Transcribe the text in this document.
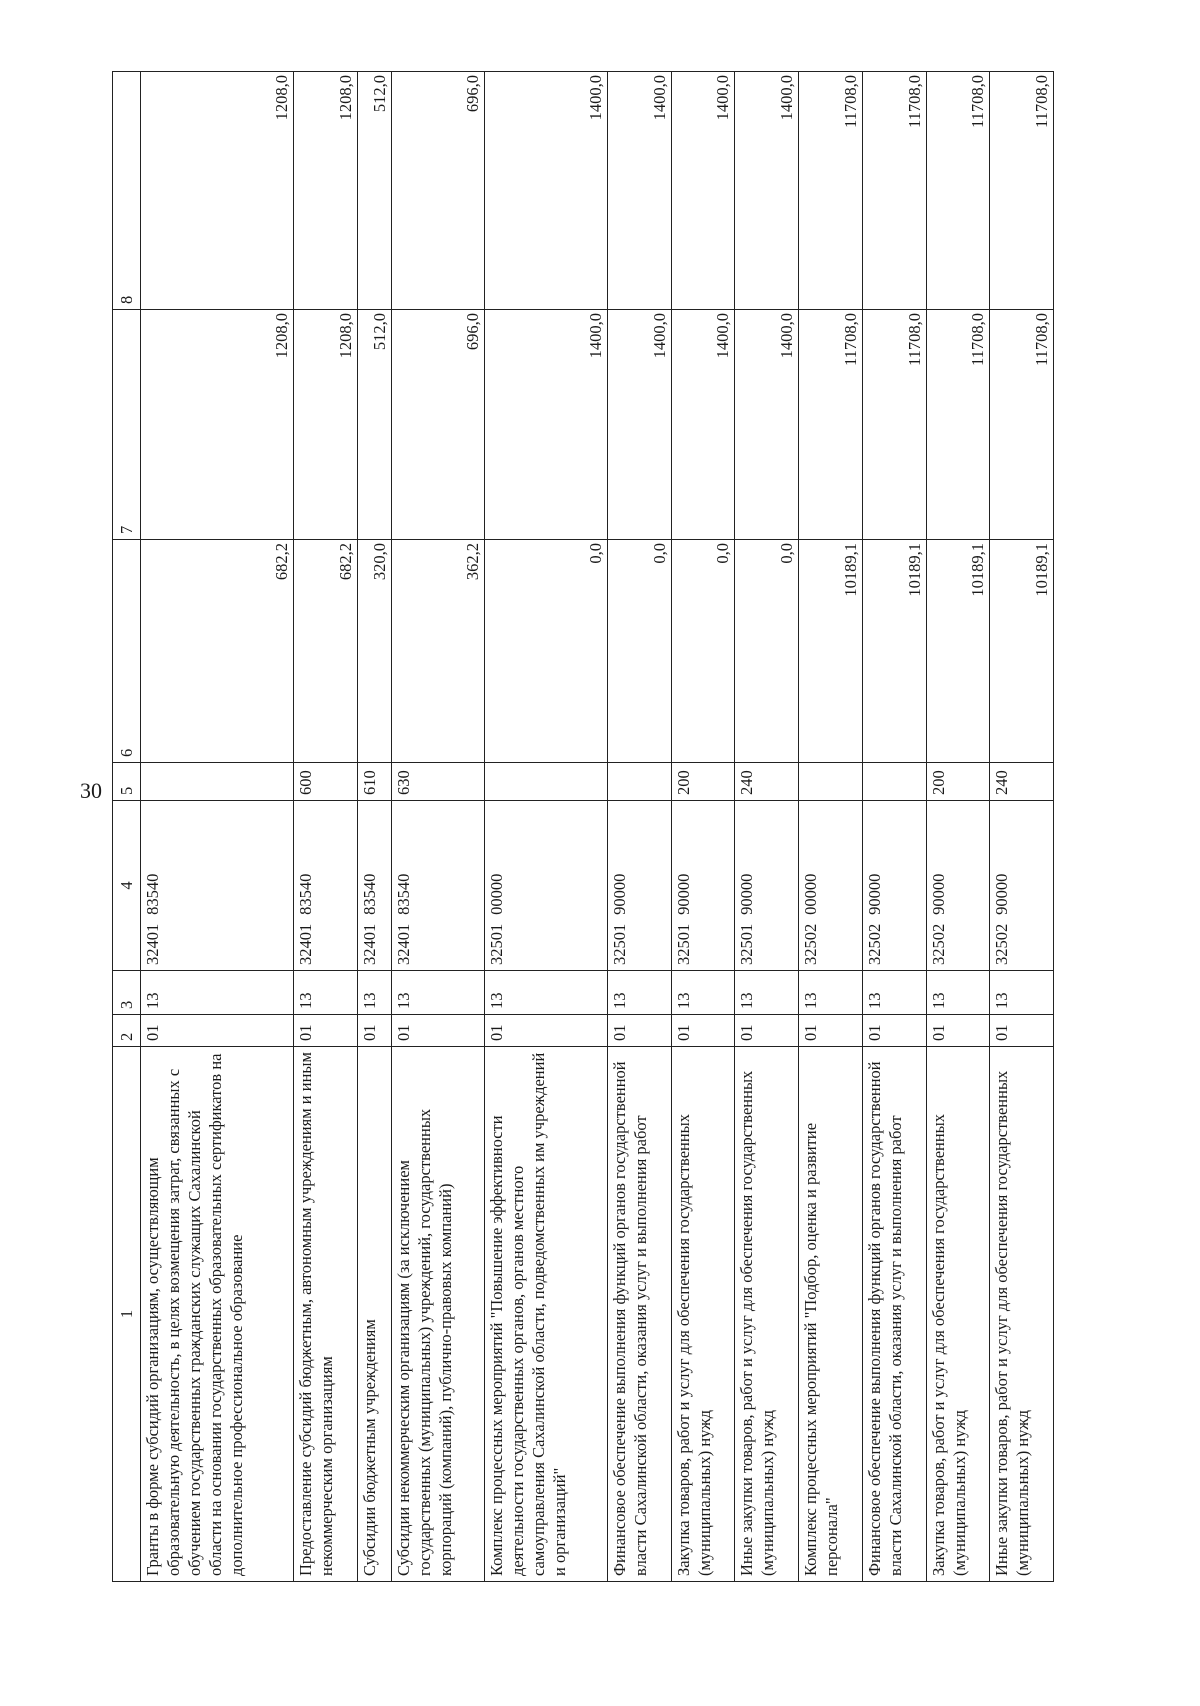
30
1	2	3	4	5	6	7	8
Гранты в форме субсидий организациям, осуществляющим образовательную деятельность, в целях возмещения затрат, связанных с обучением государственных гражданских служащих Сахалинской области на основании государственных образовательных сертификатов на дополнительное профессиональное образование	01	13	32401 83540		682,2	1208,0	1208,0
Предоставление субсидий бюджетным, автономным учреждениям и иным некоммерческим организациям	01	13	32401 83540	600	682,2	1208,0	1208,0
Субсидии бюджетным учреждениям	01	13	32401 83540	610	320,0	512,0	512,0
Субсидии некоммерческим организациям (за исключением государственных (муниципальных) учреждений, государственных корпораций (компаний), публично-правовых компаний)	01	13	32401 83540	630	362,2	696,0	696,0
Комплекс процессных мероприятий "Повышение эффективности деятельности государственных органов, органов местного самоуправления Сахалинской области, подведомственных им учреждений и организаций"	01	13	32501 00000		0,0	1400,0	1400,0
Финансовое обеспечение выполнения функций органов государственной власти Сахалинской области, оказания услуг и выполнения работ	01	13	32501 90000		0,0	1400,0	1400,0
Закупка товаров, работ и услуг для обеспечения государственных (муниципальных) нужд	01	13	32501 90000	200	0,0	1400,0	1400,0
Иные закупки товаров, работ и услуг для обеспечения государственных (муниципальных) нужд	01	13	32501 90000	240	0,0	1400,0	1400,0
Комплекс процессных мероприятий "Подбор, оценка и развитие персонала"	01	13	32502 00000		10189,1	11708,0	11708,0
Финансовое обеспечение выполнения функций органов государственной власти Сахалинской области, оказания услуг и выполнения работ	01	13	32502 90000		10189,1	11708,0	11708,0
Закупка товаров, работ и услуг для обеспечения государственных (муниципальных) нужд	01	13	32502 90000	200	10189,1	11708,0	11708,0
Иные закупки товаров, работ и услуг для обеспечения государственных (муниципальных) нужд	01	13	32502 90000	240	10189,1	11708,0	11708,0
